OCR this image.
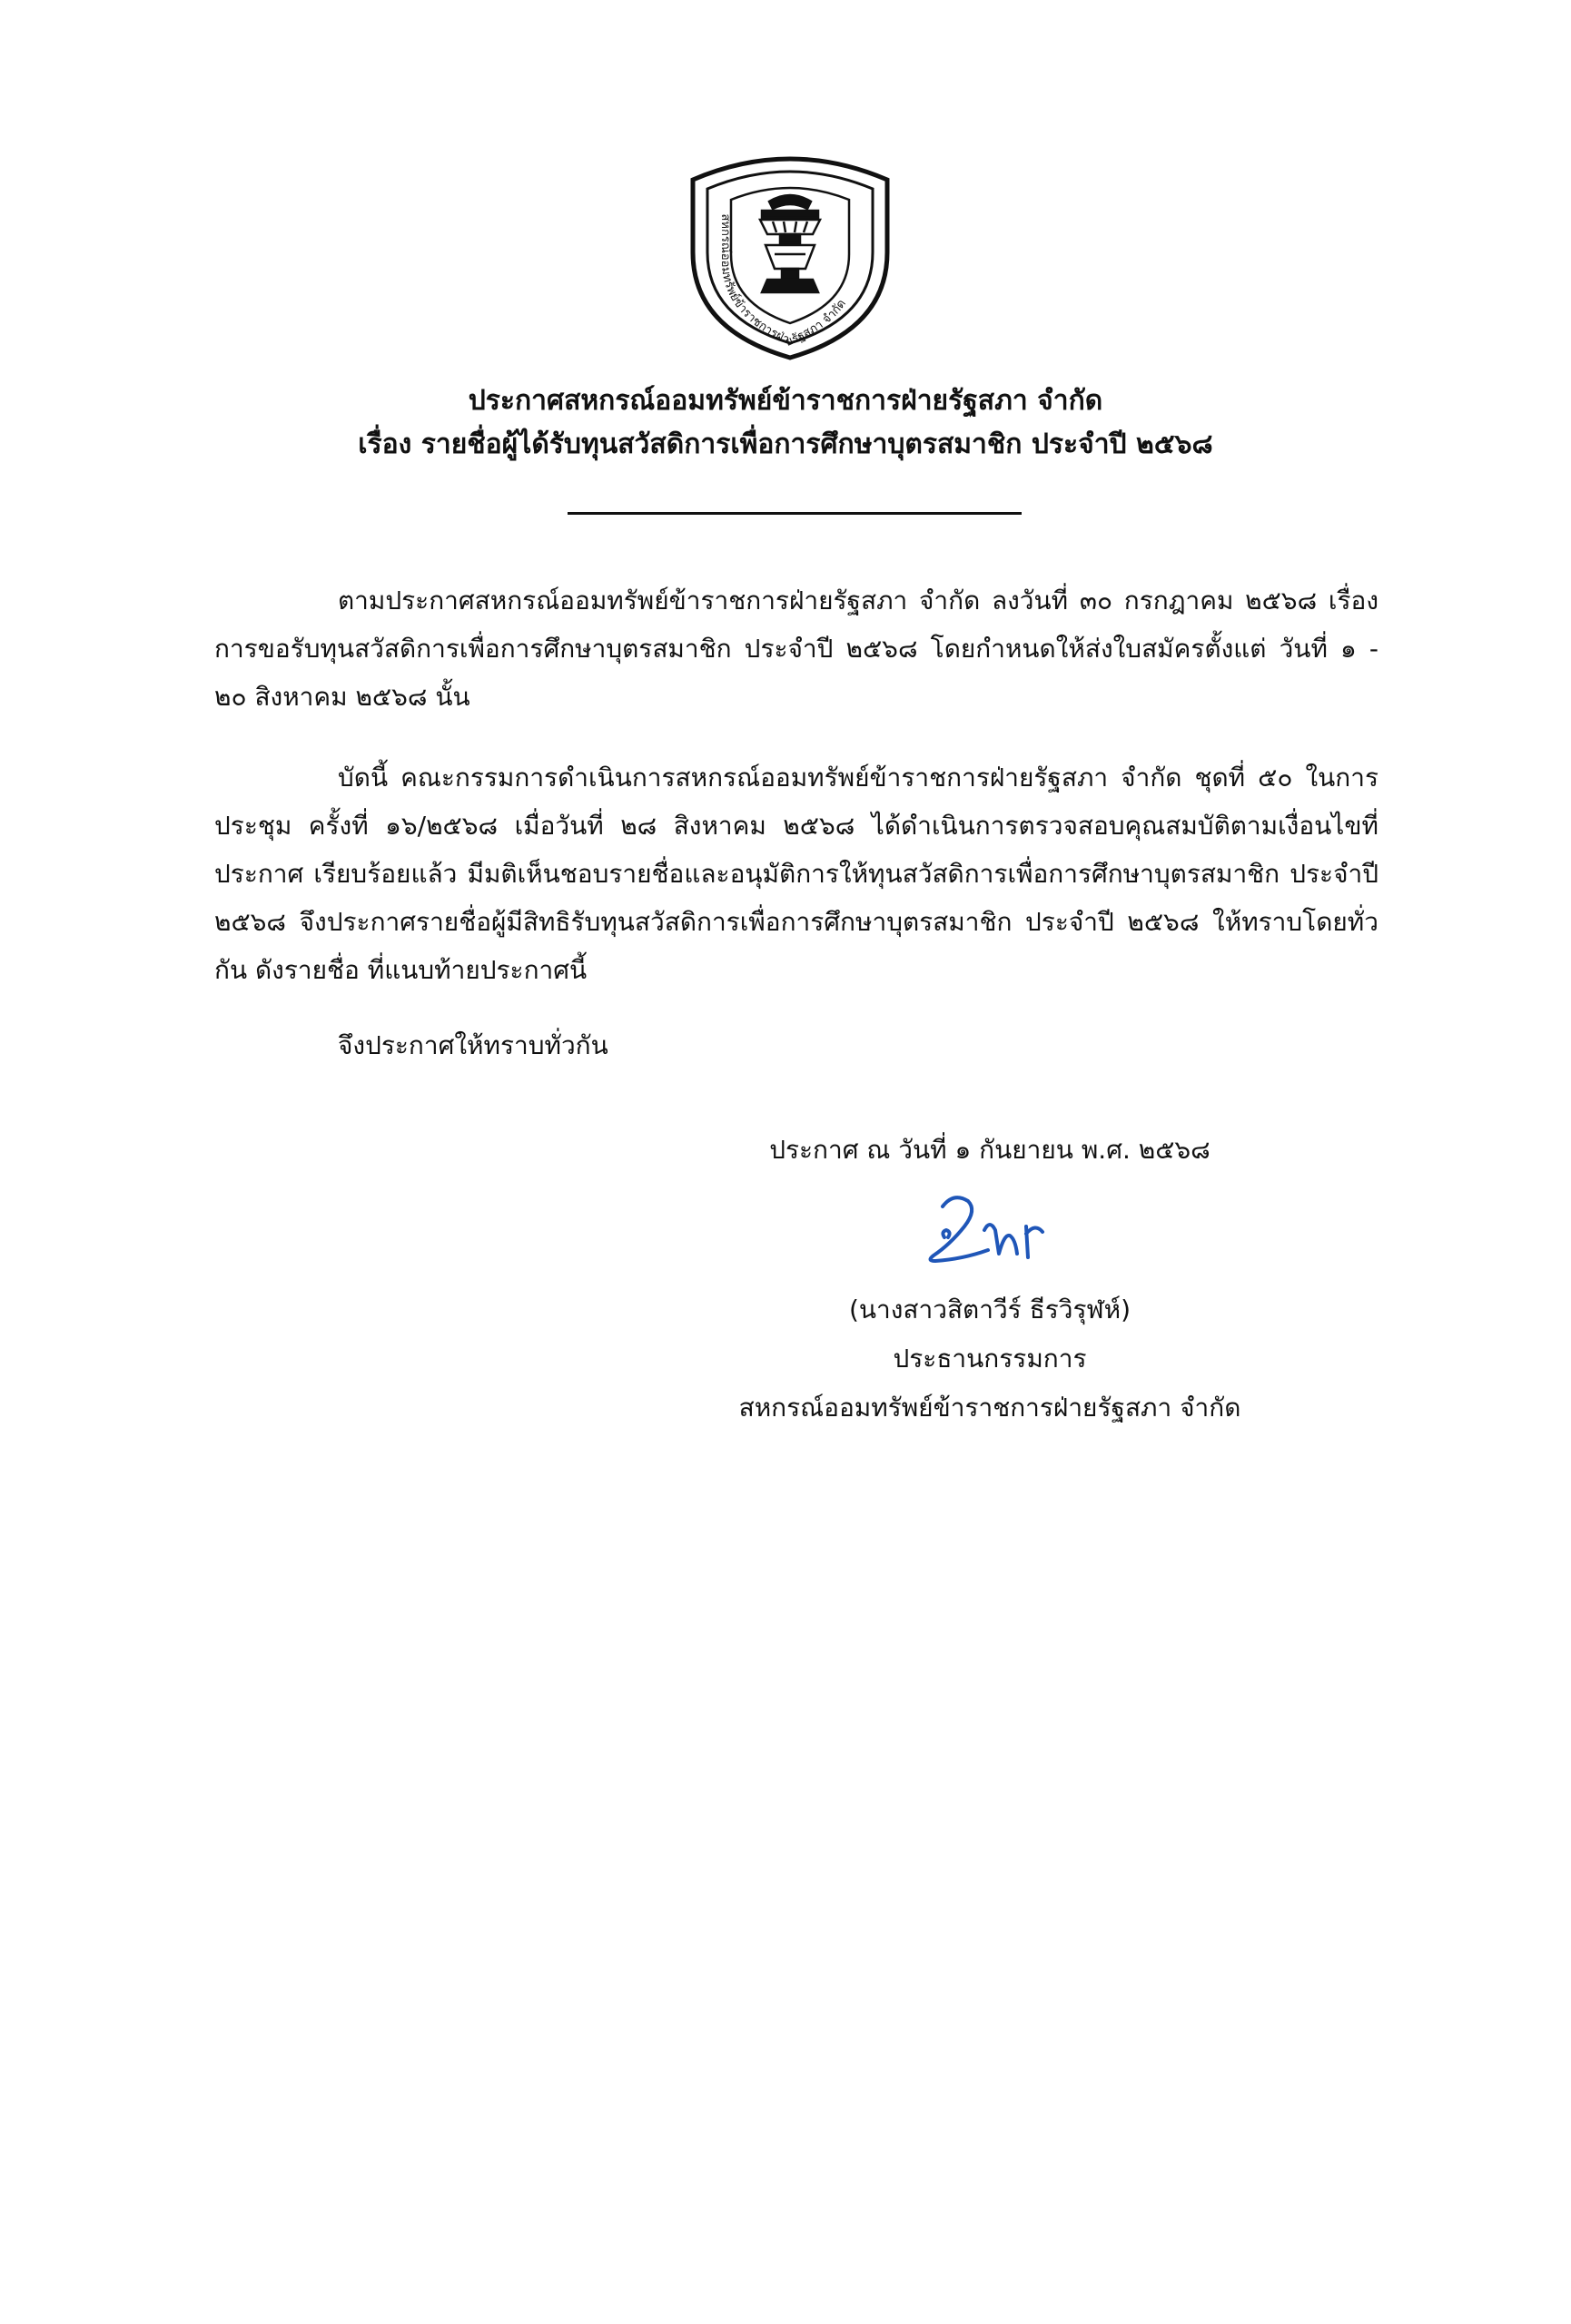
สหกรณ์ออมทรัพย์ข้าราชการฝ่ายรัฐสภา จำกัด

ประกาศสหกรณ์ออมทรัพย์ข้าราชการฝ่ายรัฐสภา จำกัด

เรื่อง รายชื่อผู้ได้รับทุนสวัสดิการเพื่อการศึกษาบุตรสมาชิก ประจำปี ๒๕๖๘

ตามประกาศสหกรณ์ออมทรัพย์ข้าราชการฝ่ายรัฐสภา จำกัด ลงวันที่ ๓๐ กรกฎาคม ๒๕๖๘ เรื่อง การขอรับทุนสวัสดิการเพื่อการศึกษาบุตรสมาชิก ประจำปี ๒๕๖๘ โดยกำหนดให้ส่งใบสมัครตั้งแต่ วันที่ ๑ - ๒๐ สิงหาคม ๒๕๖๘ นั้น

บัดนี้ คณะกรรมการดำเนินการสหกรณ์ออมทรัพย์ข้าราชการฝ่ายรัฐสภา จำกัด ชุดที่ ๕๐ ในการประชุม ครั้งที่ ๑๖/๒๕๖๘ เมื่อวันที่ ๒๘ สิงหาคม ๒๕๖๘ ได้ดำเนินการตรวจสอบคุณสมบัติตามเงื่อนไขที่ประกาศ เรียบร้อยแล้ว มีมติเห็นชอบรายชื่อและอนุมัติการให้ทุนสวัสดิการเพื่อการศึกษาบุตรสมาชิก ประจำปี ๒๕๖๘ จึงประกาศรายชื่อผู้มีสิทธิรับทุนสวัสดิการเพื่อการศึกษาบุตรสมาชิก ประจำปี ๒๕๖๘ ให้ทราบโดยทั่วกัน ดังรายชื่อ ที่แนบท้ายประกาศนี้

จึงประกาศให้ทราบทั่วกัน

ประกาศ ณ วันที่ ๑ กันยายน พ.ศ. ๒๕๖๘

(นางสาวสิตาวีร์ ธีรวิรุฬห์)

ประธานกรรมการ

สหกรณ์ออมทรัพย์ข้าราชการฝ่ายรัฐสภา จำกัด
